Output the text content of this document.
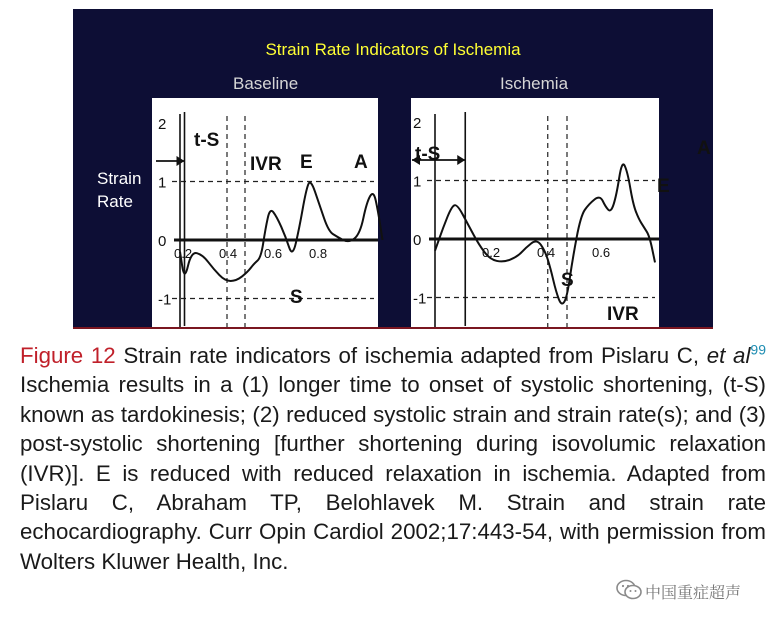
Strain Rate Indicators of Ischemia
Baseline	Ischemia
Strain
Rate
2
1
0
-1
0.2 0.4 0.6 0.8
t-S
IVR E A
S
2
1
0
-1
0.2	0.4	0.6
t-S
E
A
S
IVR
Figure 12 Strain rate indicators of ischemia adapted from Pislaru C, et $al^{99}$ Ischemia results in a (1) longer time to onset of systolic shortening, (t-S) known as tardokinesis; (2) reduced systolic strain and strain rate(s); and (3) post-systolic shortening [further shortening during isovolumic relaxation (IVR)]. E is reduced with reduced relaxation in ischemia. Adapted from Pislaru C, Abraham TP, Belohlavek M. Strain and strain rate echocardiography. Curr Opin Cardiol 2002;17:443-54, with permission from Wolters Kluwer Health, Inc.
中国重症超声
